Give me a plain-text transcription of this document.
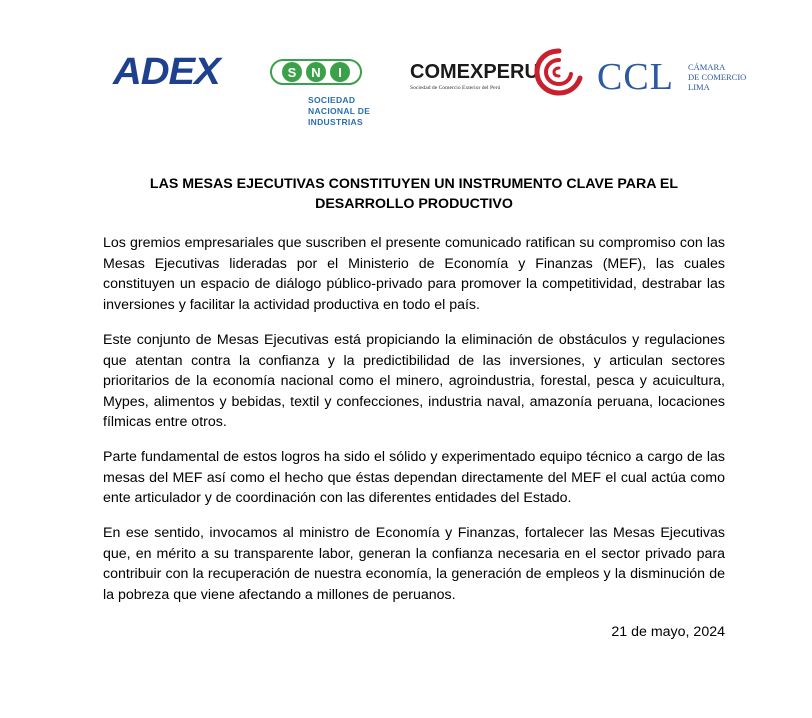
ADEX	S N I
SOCIEDAD
NACIONAL DE
INDUSTRIAS
COMEXPERU
Sociedad de Comercio Exterior del Perú	CCL CÁMARA
DE COMERCIO
LIMA
LAS MESAS EJECUTIVAS CONSTITUYEN UN INSTRUMENTO CLAVE PARA EL DESARROLLO PRODUCTIVO

Los gremios empresariales que suscriben el presente comunicado ratifican su compromiso con las Mesas Ejecutivas lideradas por el Ministerio de Economía y Finanzas (MEF), las cuales constituyen un espacio de diálogo público-privado para promover la competitividad, destrabar las inversiones y facilitar la actividad productiva en todo el país.

Este conjunto de Mesas Ejecutivas está propiciando la eliminación de obstáculos y regulaciones que atentan contra la confianza y la predictibilidad de las inversiones, y articulan sectores prioritarios de la economía nacional como el minero, agroindustria, forestal, pesca y acuicultura, Mypes, alimentos y bebidas, textil y confecciones, industria naval, amazonía peruana, locaciones fílmicas entre otros.

Parte fundamental de estos logros ha sido el sólido y experimentado equipo técnico a cargo de las mesas del MEF así como el hecho que éstas dependan directamente del MEF el cual actúa como ente articulador y de coordinación con las diferentes entidades del Estado.

En ese sentido, invocamos al ministro de Economía y Finanzas, fortalecer las Mesas Ejecutivas que, en mérito a su transparente labor, generan la confianza necesaria en el sector privado para contribuir con la recuperación de nuestra economía, la generación de empleos y la disminución de la pobreza que viene afectando a millones de peruanos.

21 de mayo, 2024
